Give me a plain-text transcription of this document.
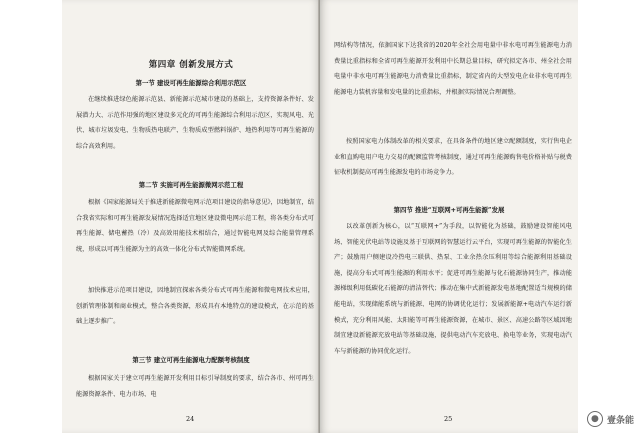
第四章 创新发展方式
第一节 建设可再生能源综合利用示范区
在继续推进绿色能源示范县、新能源示范城市建设的基础上，支持资源条件好、发展潜力大、示范作用强的地区建设多元化的可再生能源综合利用示范区，实现风电、光伏、城市垃圾发电、生物质热电联产、生物质成型燃料锅炉、地热利用等可再生能源的综合高效利用。
第二节 实施可再生能源微网示范工程
根据《国家能源局关于推进新能源微电网示范项目建设的指导意见》，因地制宜，结合我省实际和可再生能源发展情况选择适宜地区建设微电网示范工程，将各类分布式可再生能源、储电蓄热（冷）及高效用能技术相结合，通过智能电网及综合能量管理系统，形成以可再生能源为主的高效一体化分布式智能微网系统。
加快推进示范项目建设，因地制宜探索各类分布式可再生能源和微电网技术应用，创新管理体制和商业模式，整合各类资源，形成具有本地特点的建设模式，在示范的基础上逐步推广。
第三节 建立可再生能源电力配额考核制度
根据国家关于建立可再生能源开发利用目标引导制度的要求，结合各市、州可再生能源资源条件、电力市场、电
24
网结构等情况，依据国家下达我省的2020年全社会用电量中非水电可再生能源电力消费量比重指标和全省可再生能源开发利用中长期总量目标，研究拟定各市、州全社会用电量中非水电可再生能源电力消费量比重指标，制定省内的大型发电企业非水电可再生能源电力装机容量和发电量的比重指标，并根据实际情况合理调整。
按照国家电力体制改革的相关要求，在具备条件的地区建立配额制度，实行售电企业和直购电用户电力交易的配额监管考核制度，通过可再生能源购售电价格补贴与税费征收机制提高可再生能源发电的市场竞争力。
第四节 推进“互联网+可再生能源”发展
以改革创新为核心，以“互联网+”为手段，以智能化为基础，鼓励建设智能风电场、智能光伏电站等设施及基于互联网的智慧运行云平台，实现可再生能源的智能化生产；鼓励用户侧建设冷热电三联供、热泵、工业余热余压利用等综合能源利用基础设施，提高分布式可再生能源的利用水平；促进可再生能源与化石能源协同生产，推动能源梯级利用低碳化石能源的清洁替代；推动在集中式新能源发电基地配置适当规模的储能电站，实现储能系统与新能源、电网的协调优化运行；发展新能源+电动汽车运行新模式，充分利用风能、太阳能等可再生能源资源，在城市、景区、高速公路等区域因地制宜建设新能源充放电站等基础设施，提供电动汽车充放电、换电等业务，实现电动汽车与新能源的协同优化运行。
25	● 壹条能
